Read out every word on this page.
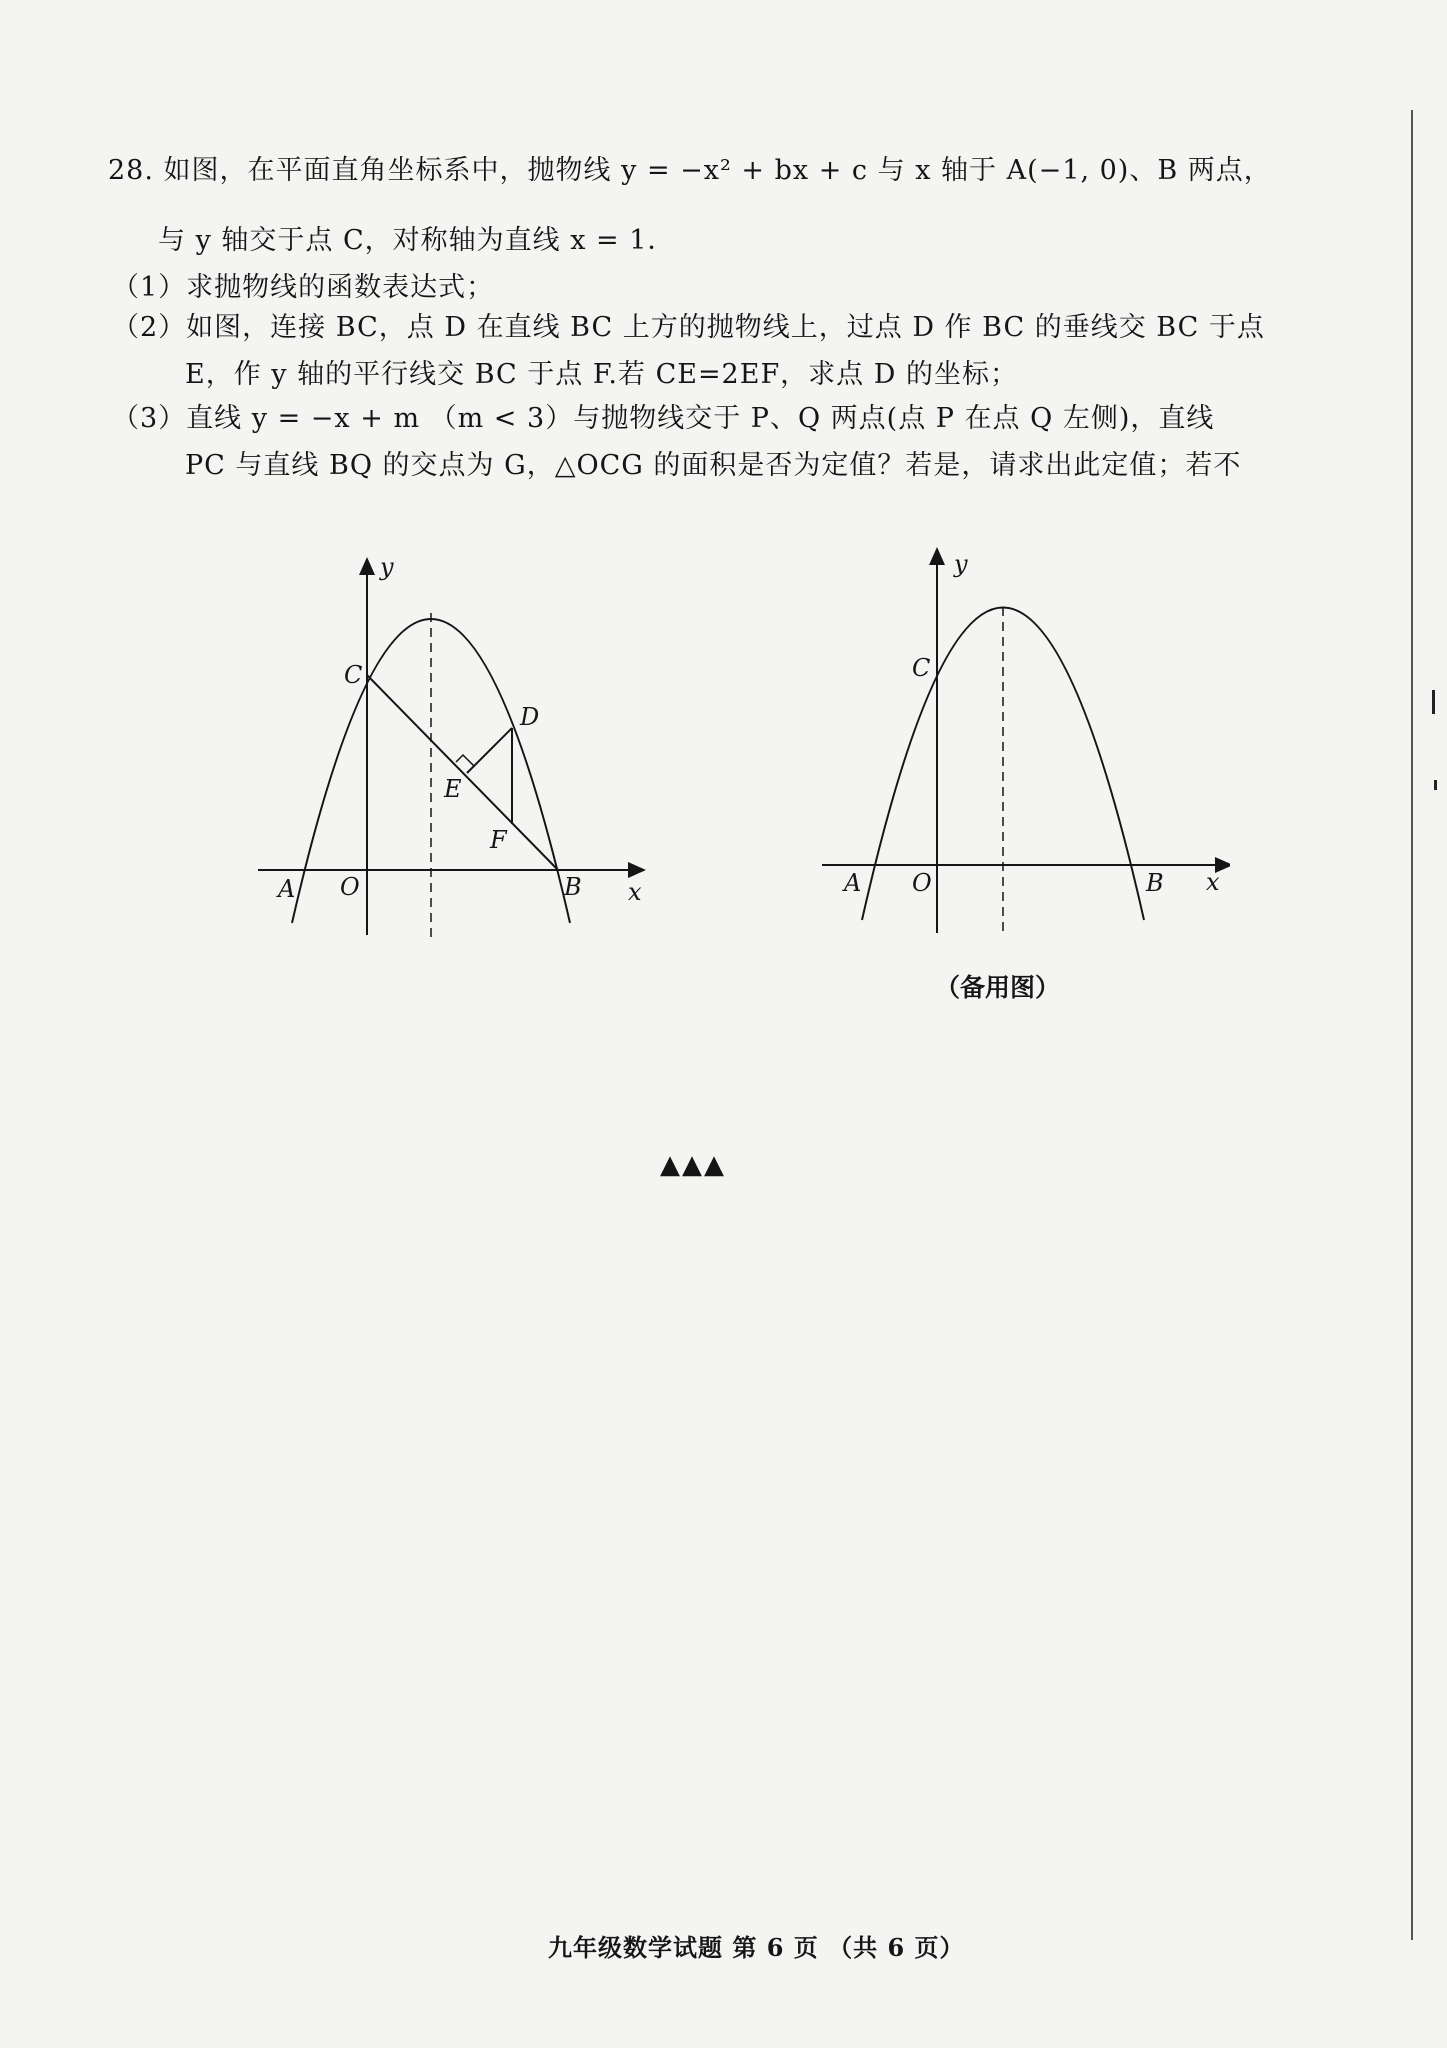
28. 如图，在平面直角坐标系中，抛物线 y = −x² + bx + c 与 x 轴于 A(−1, 0)、B 两点，
与 y 轴交于点 C，对称轴为直线 x = 1．
（1）求抛物线的函数表达式；
（2）如图，连接 BC，点 D 在直线 BC 上方的抛物线上，过点 D 作 BC 的垂线交 BC 于点
E，作 y 轴的平行线交 BC 于点 F.若 CE=2EF，求点 D 的坐标；
（3）直线 y = −x + m （m < 3）与抛物线交于 P、Q 两点(点 P 在点 Q 左侧)，直线
PC 与直线 BQ 的交点为 G，△OCG 的面积是否为定值？若是，请求出此定值；若不
y
x
C
D
E
F
A O	B
y
x
C
A O	B
（备用图）
▲▲▲
九年级数学试题 第 6 页 （共 6 页）
